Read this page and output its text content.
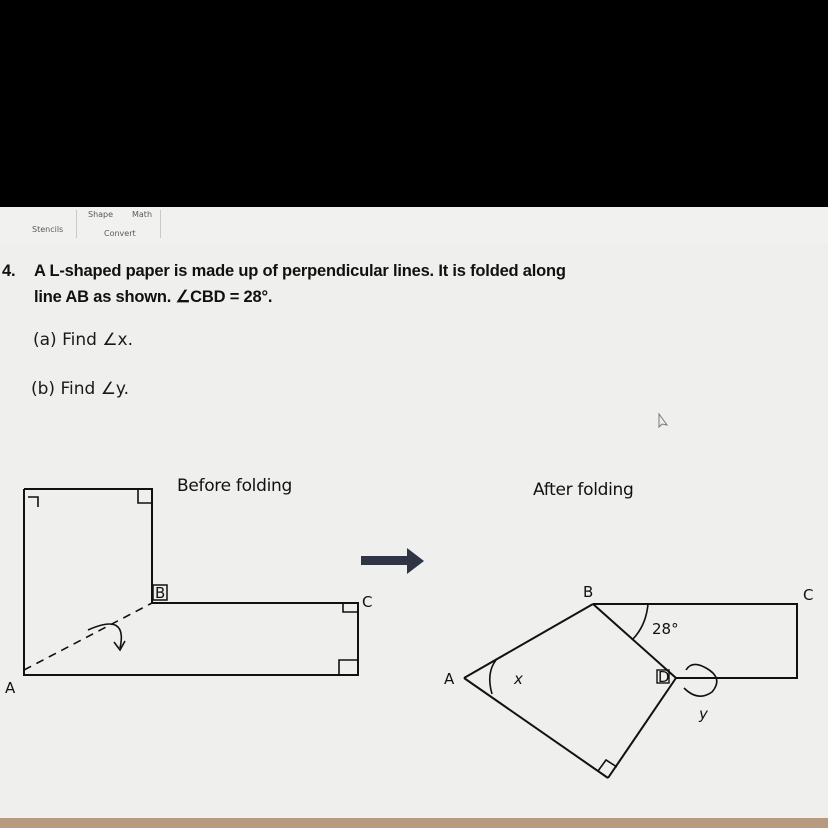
Stencils
Shape Math
Convert
4. A L-shaped paper is made up of perpendicular lines. It is folded along
line AB as shown. ∠CBD = 28°.
(a) Find ∠x.
(b) Find ∠y.
Before folding	After folding
A
B	C
B	C
A	D
x
y
28°
